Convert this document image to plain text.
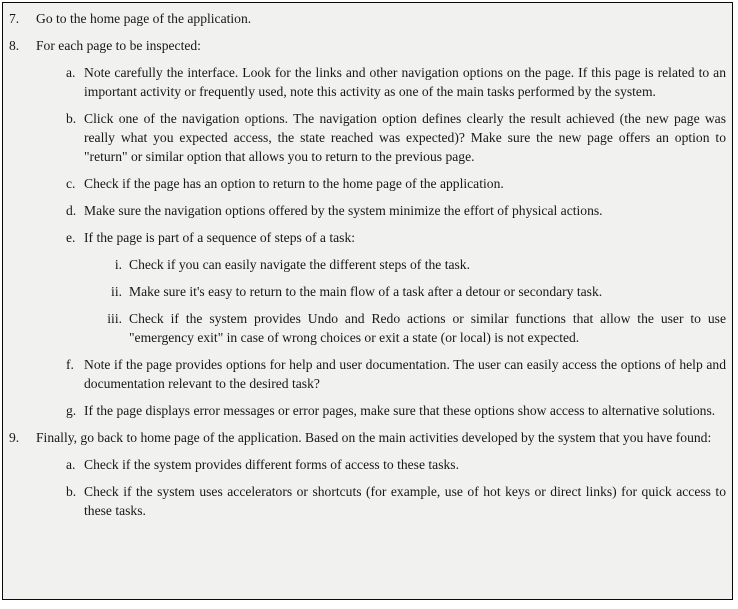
7.	Go to the home page of the application.
8.	For each page to be inspected:
a. Note carefully the interface. Look for the links and other navigation options on the page. If this page is related to an important activity or frequently used, note this activity as one of the main tasks performed by the system.
b. Click one of the navigation options. The navigation option defines clearly the result achieved (the new page was really what you expected access, the state reached was expected)? Make sure the new page offers an option to "return" or similar option that allows you to return to the previous page.
c. Check if the page has an option to return to the home page of the application.
d. Make sure the navigation options offered by the system minimize the effort of physical actions.
e. If the page is part of a sequence of steps of a task:
i. Check if you can easily navigate the different steps of the task.
ii. Make sure it's easy to return to the main flow of a task after a detour or secondary task.
iii. Check if the system provides Undo and Redo actions or similar functions that allow the user to use "emergency exit" in case of wrong choices or exit a state (or local) is not expected.
f. Note if the page provides options for help and user documentation. The user can easily access the options of help and documentation relevant to the desired task?
g. If the page displays error messages or error pages, make sure that these options show access to alternative solutions.
9.	Finally, go back to home page of the application. Based on the main activities developed by the system that you have found:
a. Check if the system provides different forms of access to these tasks.
b. Check if the system uses accelerators or shortcuts (for example, use of hot keys or direct links) for quick access to these tasks.
